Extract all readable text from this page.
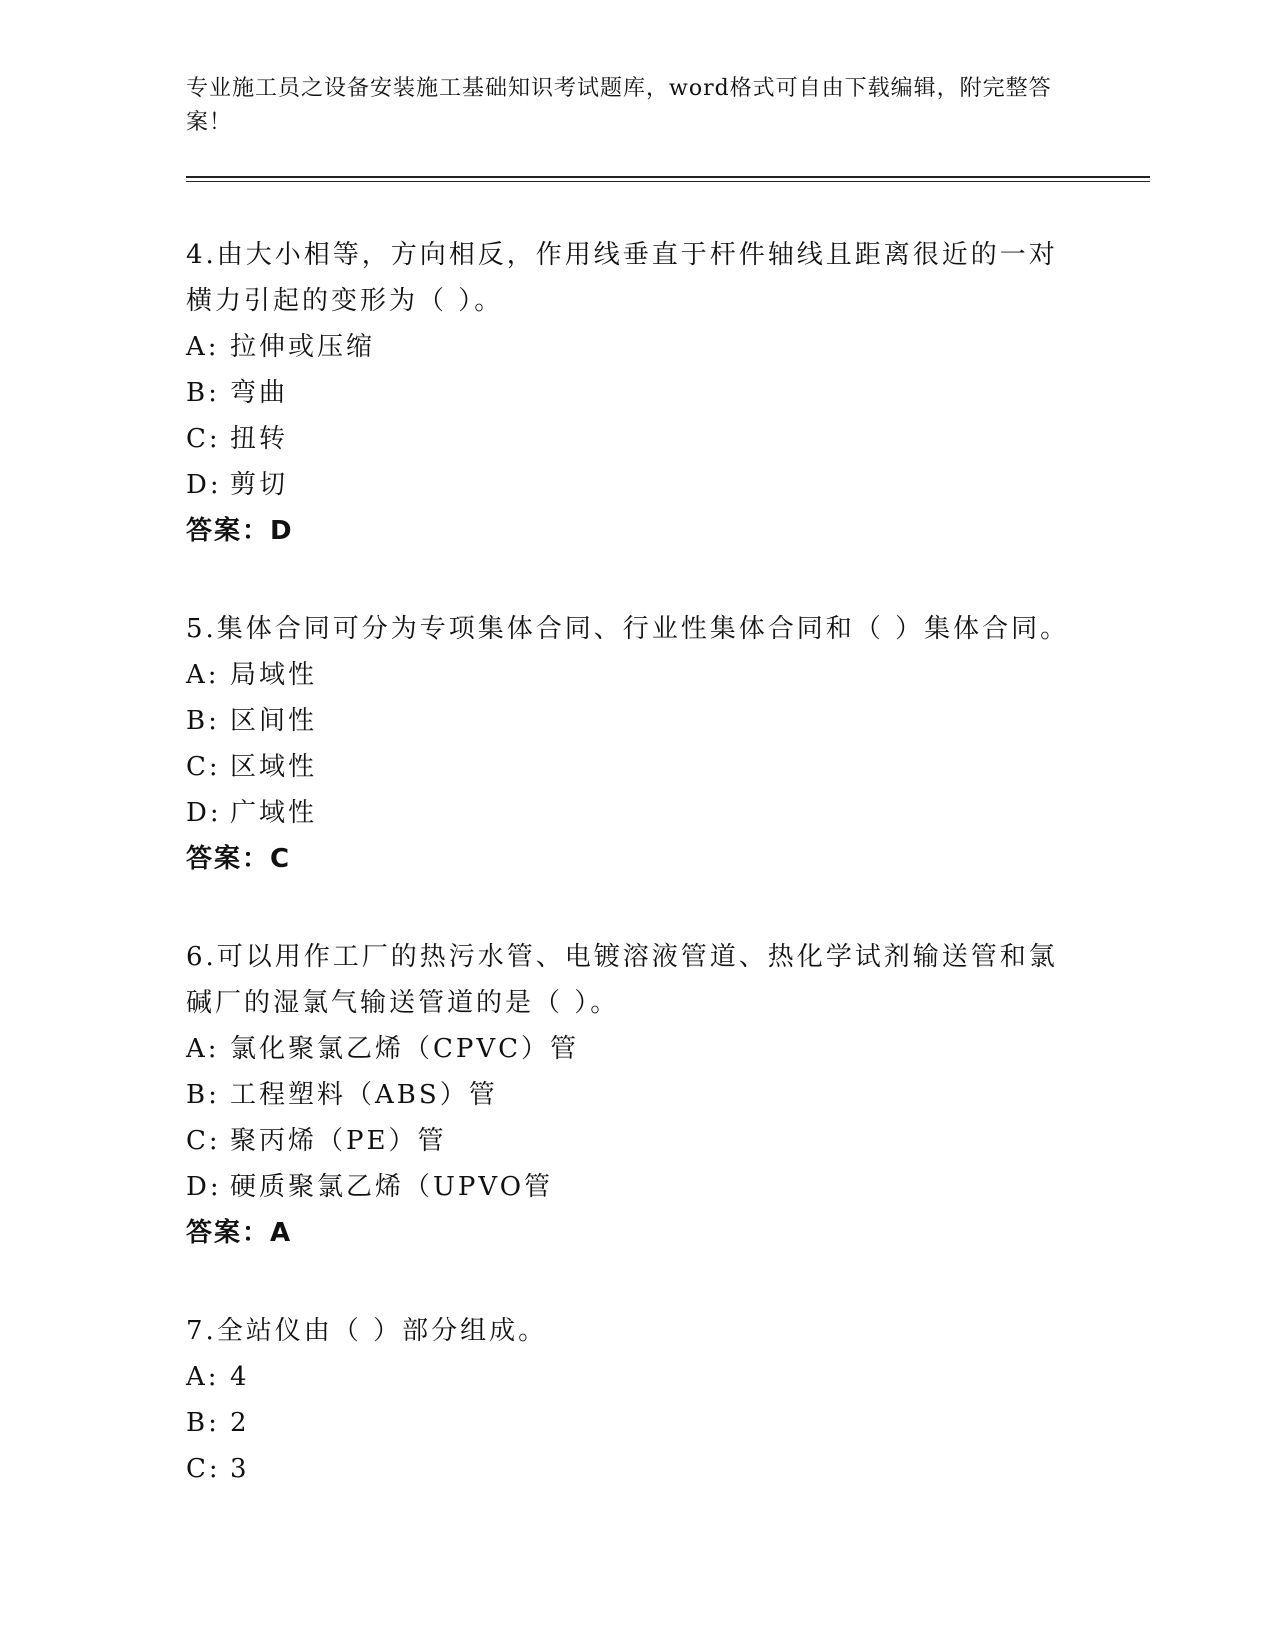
专业施工员之设备安装施工基础知识考试题库，word格式可自由下载编辑，附完整答案！

4.由大小相等，方向相反，作用线垂直于杆件轴线且距离很近的一对横力引起的变形为（ ）。

A: 拉伸或压缩

B: 弯曲

C: 扭转

D: 剪切

答案：D

5.集体合同可分为专项集体合同、行业性集体合同和（ ）集体合同。

A: 局域性

B: 区间性

C: 区域性

D: 广域性

答案：C

6.可以用作工厂的热污水管、电镀溶液管道、热化学试剂输送管和氯碱厂的湿氯气输送管道的是（ ）。

A: 氯化聚氯乙烯（CPVC）管

B: 工程塑料（ABS）管

C: 聚丙烯（PE）管

D: 硬质聚氯乙烯（UPVO管

答案：A

7.全站仪由（ ）部分组成。

A: 4

B: 2

C: 3
